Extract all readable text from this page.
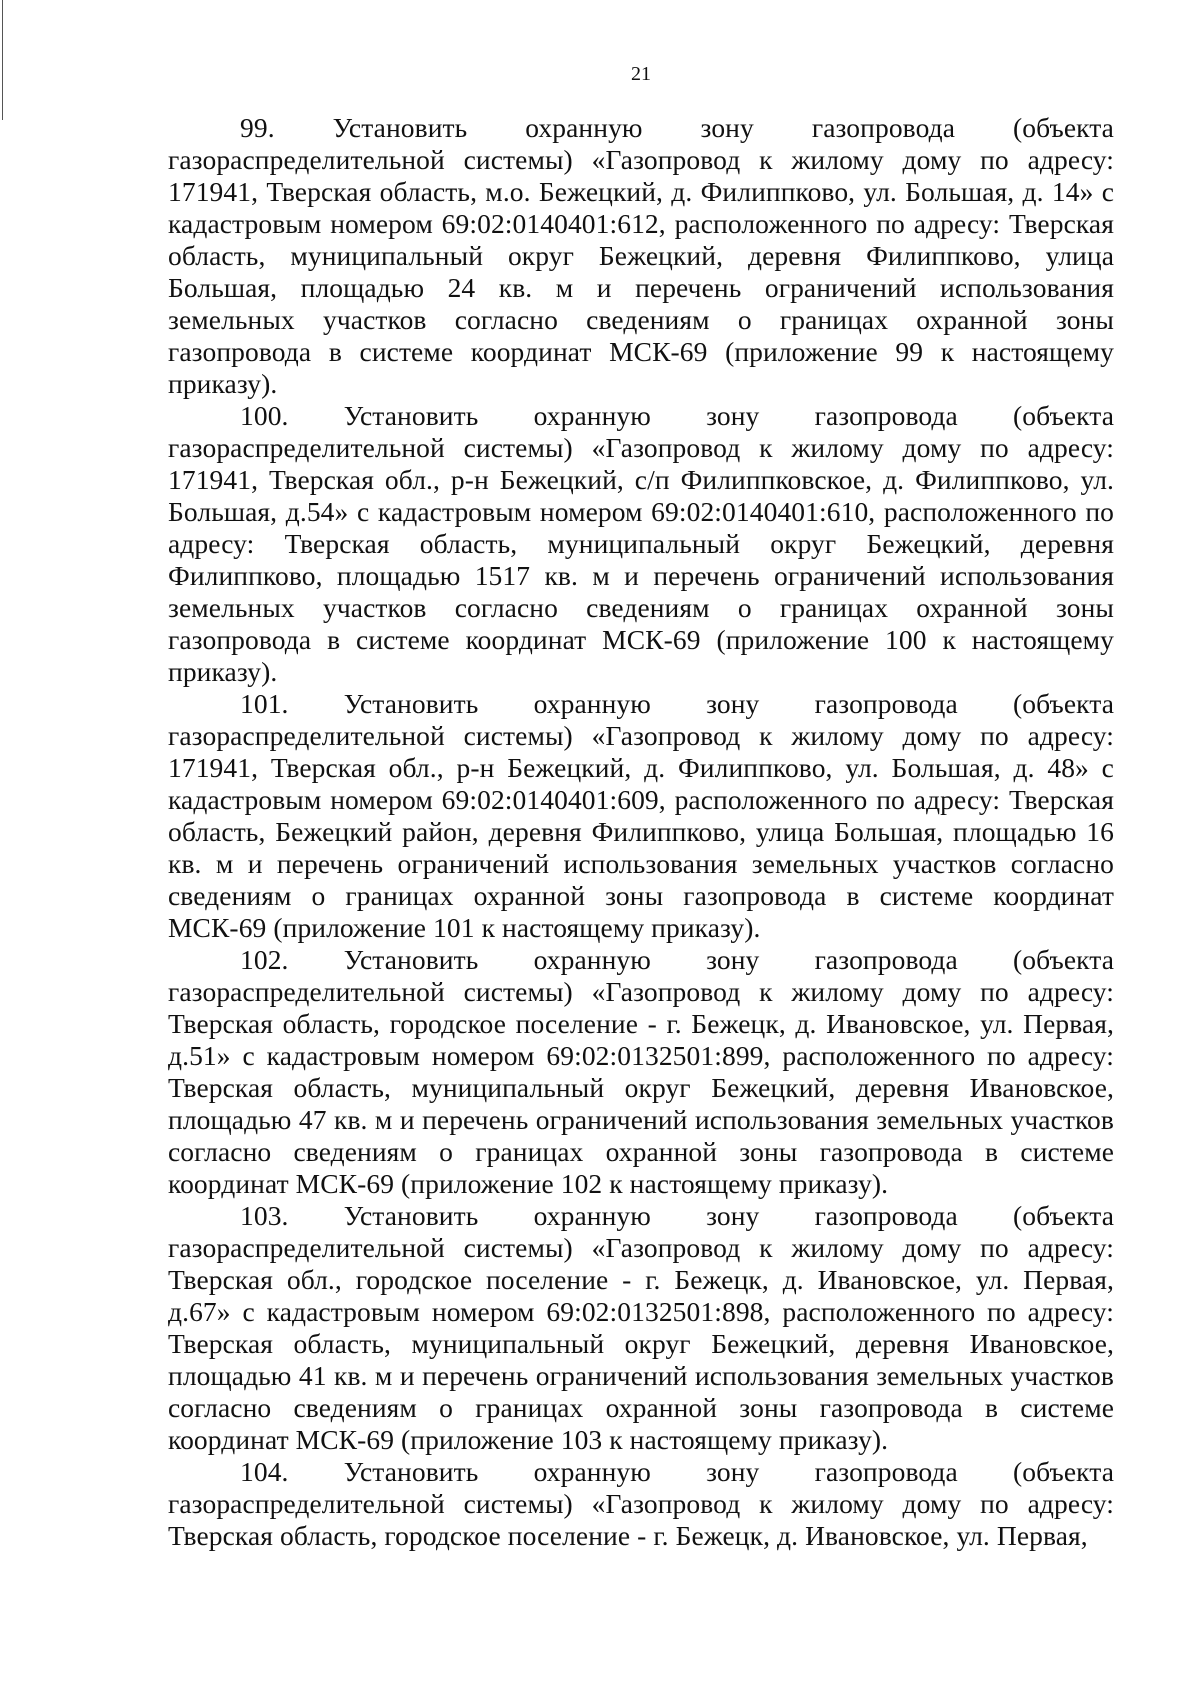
21
99. Установить охранную зону газопровода (объекта

газораспределительной системы) «Газопровод к жилому дому по адресу: 171941, Тверская область, м.о. Бежецкий, д. Филиппково, ул. Большая, д. 14» с кадастровым номером 69:02:0140401:612, расположенного по адресу: Тверская область, муниципальный округ Бежецкий, деревня Филиппково, улица Большая, площадью 24 кв. м и перечень ограничений использования земельных участков согласно сведениям о границах охранной зоны газопровода в системе координат МСК-69 (приложение 99 к настоящему приказу).

100. Установить охранную зону газопровода (объекта

газораспределительной системы) «Газопровод к жилому дому по адресу: 171941, Тверская обл., р-н Бежецкий, с/п Филиппковское, д. Филиппково, ул. Большая, д.54» с кадастровым номером 69:02:0140401:610, расположенного по адресу: Тверская область, муниципальный округ Бежецкий, деревня Филиппково, площадью 1517 кв. м и перечень ограничений использования земельных участков согласно сведениям о границах охранной зоны газопровода в системе координат МСК-69 (приложение 100 к настоящему приказу).

101. Установить охранную зону газопровода (объекта

газораспределительной системы) «Газопровод к жилому дому по адресу: 171941, Тверская обл., р-н Бежецкий, д. Филиппково, ул. Большая, д. 48» с кадастровым номером 69:02:0140401:609, расположенного по адресу: Тверская область, Бежецкий район, деревня Филиппково, улица Большая, площадью 16 кв. м и перечень ограничений использования земельных участков согласно сведениям о границах охранной зоны газопровода в системе координат МСК-69 (приложение 101 к настоящему приказу).

102. Установить охранную зону газопровода (объекта

газораспределительной системы) «Газопровод к жилому дому по адресу: Тверская область, городское поселение - г. Бежецк, д. Ивановское, ул. Первая, д.51» с кадастровым номером 69:02:0132501:899, расположенного по адресу: Тверская область, муниципальный округ Бежецкий, деревня Ивановское, площадью 47 кв. м и перечень ограничений использования земельных участков согласно сведениям о границах охранной зоны газопровода в системе координат МСК-69 (приложение 102 к настоящему приказу).

103. Установить охранную зону газопровода (объекта

газораспределительной системы) «Газопровод к жилому дому по адресу: Тверская обл., городское поселение - г. Бежецк, д. Ивановское, ул. Первая, д.67» с кадастровым номером 69:02:0132501:898, расположенного по адресу: Тверская область, муниципальный округ Бежецкий, деревня Ивановское, площадью 41 кв. м и перечень ограничений использования земельных участков согласно сведениям о границах охранной зоны газопровода в системе координат МСК-69 (приложение 103 к настоящему приказу).

104. Установить охранную зону газопровода (объекта

газораспределительной системы) «Газопровод к жилому дому по адресу: Тверская область, городское поселение - г. Бежецк, д. Ивановское, ул. Первая,
